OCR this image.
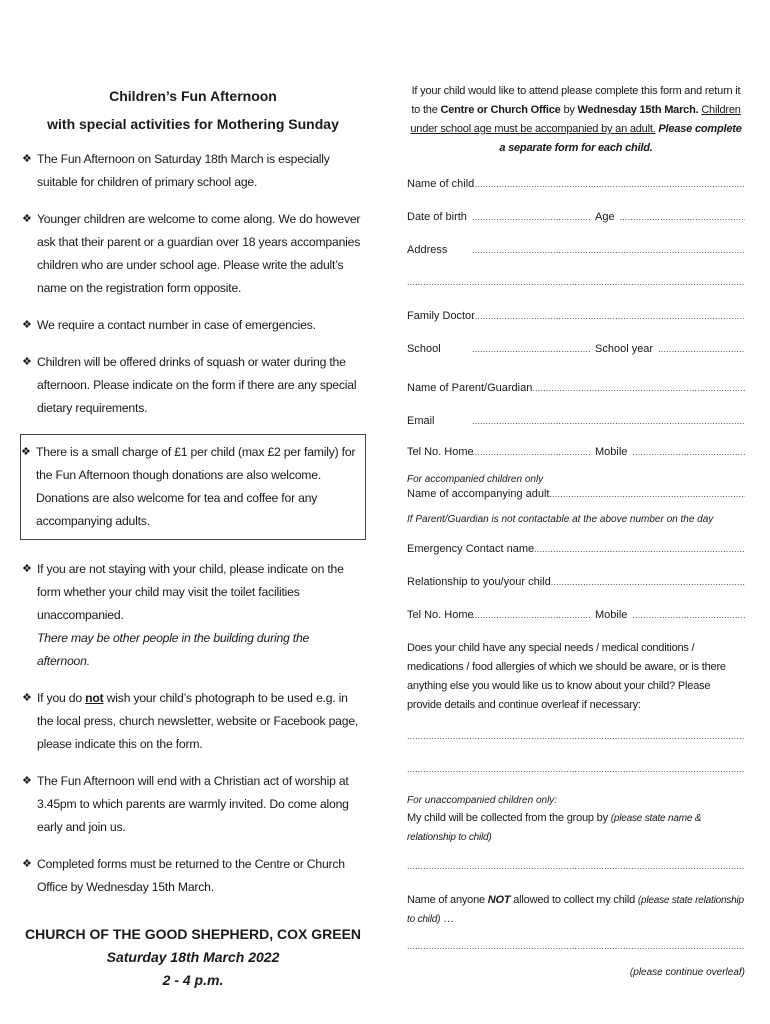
Children’s Fun Afternoon
with special activities for Mothering Sunday
❖ The Fun Afternoon on Saturday 18th March is especially suitable for children of primary school age.
❖ Younger children are welcome to come along. We do however ask that their parent or a guardian over 18 years accompanies children who are under school age. Please write the adult’s name on the registration form opposite.
❖ We require a contact number in case of emergencies.
❖ Children will be offered drinks of squash or water during the afternoon. Please indicate on the form if there are any special dietary requirements.
❖ There is a small charge of £1 per child (max £2 per family) for the Fun Afternoon though donations are also welcome. Donations are also welcome for tea and coffee for any accompanying adults.
❖ If you are not staying with your child, please indicate on the form whether your child may visit the toilet facilities unaccompanied.
There may be other people in the building during the afternoon.
❖ If you do not wish your child’s photograph to be used e.g. in the local press, church newsletter, website or Facebook page, please indicate this on the form.
❖ The Fun Afternoon will end with a Christian act of worship at 3.45pm to which parents are warmly invited. Do come along early and join us.
❖ Completed forms must be returned to the Centre or Church Office by Wednesday 15th March.
CHURCH OF THE GOOD SHEPHERD, COX GREEN
Saturday 18th March 2022
2 - 4 p.m.
If your child would like to attend please complete this form and return it to the Centre or Church Office by Wednesday 15th March. Children under school age must be accompanied by an adult. Please complete a separate form for each child.
Name of child
.....
Date of birth .....	Age
.....
Address
.....
.....
Family Doctor
.....
School .....	School year
.....
Name of Parent/Guardian
.....
Email
.....
Tel No. Home .....	Mobile
.....
For accompanied children only
Name of accompanying adult
.....
If Parent/Guardian is not contactable at the above number on the day
Emergency Contact name
.....
Relationship to you/your child
.....
Tel No. Home .....	Mobile
.....
Does your child have any special needs / medical conditions / medications / food allergies of which we should be aware, or is there anything else you would like us to know about your child? Please provide details and continue overleaf if necessary:
.....
.....
For unaccompanied children only:
My child will be collected from the group by (please state name & relationship to child)
.....
Name of anyone NOT allowed to collect my child (please state relationship to child) …
.....
(please continue overleaf)
